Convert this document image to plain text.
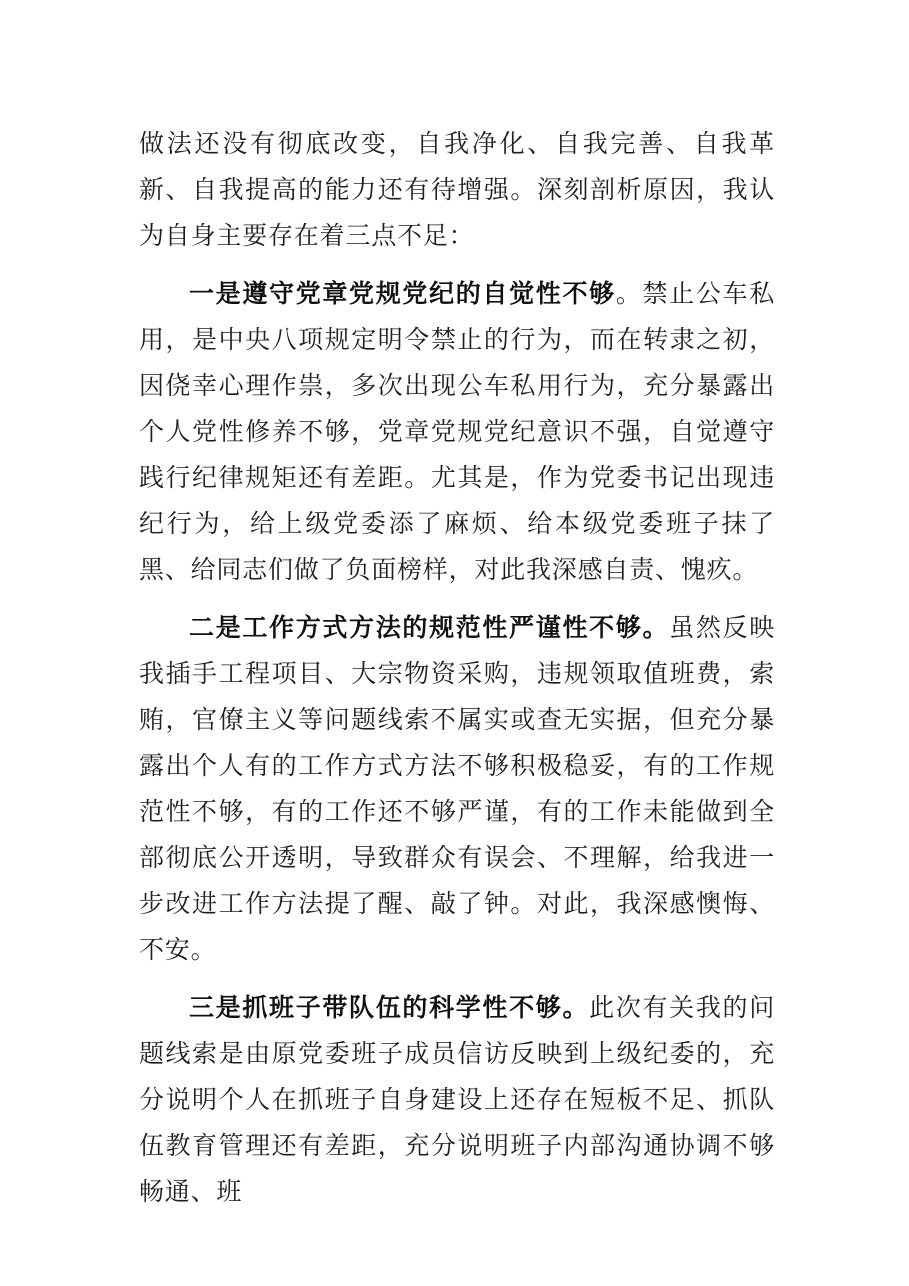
做法还没有彻底改变，自我净化、自我完善、自我革新、自我提高的能力还有待增强。深刻剖析原因，我认为自身主要存在着三点不足：

一是遵守党章党规党纪的自觉性不够。禁止公车私用，是中央八项规定明令禁止的行为，而在转隶之初，因侥幸心理作祟，多次出现公车私用行为，充分暴露出个人党性修养不够，党章党规党纪意识不强，自觉遵守践行纪律规矩还有差距。尤其是，作为党委书记出现违纪行为，给上级党委添了麻烦、给本级党委班子抹了黑、给同志们做了负面榜样，对此我深感自责、愧疚。

二是工作方式方法的规范性严谨性不够。虽然反映我插手工程项目、大宗物资采购，违规领取值班费，索贿，官僚主义等问题线索不属实或查无实据，但充分暴露出个人有的工作方式方法不够积极稳妥，有的工作规范性不够，有的工作还不够严谨，有的工作未能做到全部彻底公开透明，导致群众有误会、不理解，给我进一步改进工作方法提了醒、敲了钟。对此，我深感懊悔、不安。

三是抓班子带队伍的科学性不够。此次有关我的问题线索是由原党委班子成员信访反映到上级纪委的，充分说明个人在抓班子自身建设上还存在短板不足、抓队伍教育管理还有差距，充分说明班子内部沟通协调不够畅通、班
